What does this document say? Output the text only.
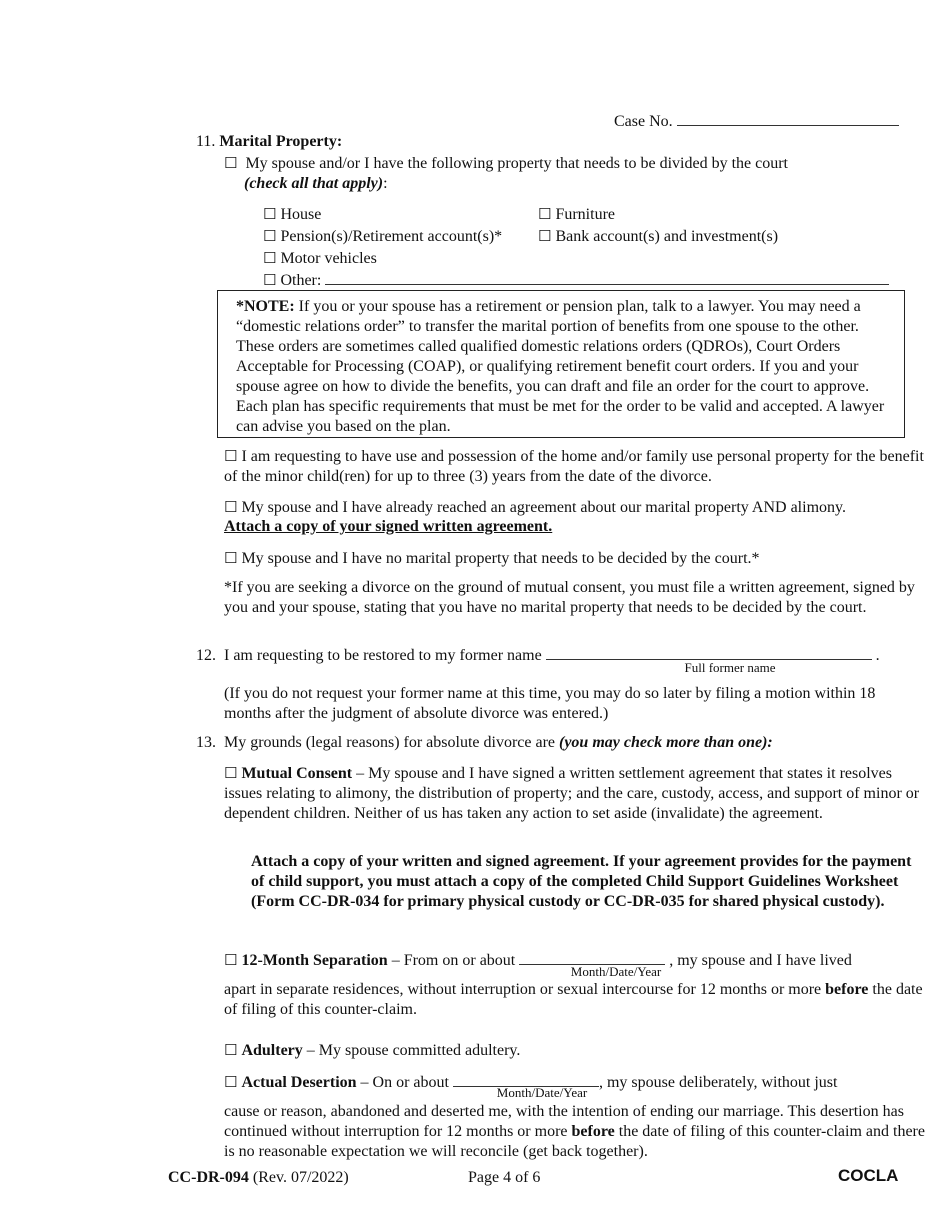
Case No.
11. Marital Property:
☐ My spouse and/or I have the following property that needs to be divided by the court
(check all that apply):
☐ House	☐ Furniture
☐ Pension(s)/Retirement account(s)* ☐ Bank account(s) and investment(s)
☐ Motor vehicles
☐ Other:
*NOTE: If you or your spouse has a retirement or pension plan, talk to a lawyer. You may need a “domestic relations order” to transfer the marital portion of benefits from one spouse to the other. These orders are sometimes called qualified domestic relations orders (QDROs), Court Orders Acceptable for Processing (COAP), or qualifying retirement benefit court orders. If you and your spouse agree on how to divide the benefits, you can draft and file an order for the court to approve. Each plan has specific requirements that must be met for the order to be valid and accepted. A lawyer can advise you based on the plan.
☐ I am requesting to have use and possession of the home and/or family use personal property for the benefit of the minor child(ren) for up to three (3) years from the date of the divorce.
☐ My spouse and I have already reached an agreement about our marital property AND alimony.
Attach a copy of your signed written agreement.
☐ My spouse and I have no marital property that needs to be decided by the court.*
*If you are seeking a divorce on the ground of mutual consent, you must file a written agreement, signed by you and your spouse, stating that you have no marital property that needs to be decided by the court.
12. I am requesting to be restored to my former name	.
Full former name
(If you do not request your former name at this time, you may do so later by filing a motion within 18 months after the judgment of absolute divorce was entered.)
13. My grounds (legal reasons) for absolute divorce are (you may check more than one):
☐ Mutual Consent – My spouse and I have signed a written settlement agreement that states it resolves issues relating to alimony, the distribution of property; and the care, custody, access, and support of minor or dependent children. Neither of us has taken any action to set aside (invalidate) the agreement.
Attach a copy of your written and signed agreement. If your agreement provides for the payment of child support, you must attach a copy of the completed Child Support Guidelines Worksheet (Form CC-DR-034 for primary physical custody or CC-DR-035 for shared physical custody).
☐ 12-Month Separation – From on or about	, my spouse and I have lived
Month/Date/Year
apart in separate residences, without interruption or sexual intercourse for 12 months or more before the date of filing of this counter-claim.
☐ Adultery – My spouse committed adultery.
☐ Actual Desertion – On or about	, my spouse deliberately, without just
Month/Date/Year
cause or reason, abandoned and deserted me, with the intention of ending our marriage. This desertion has continued without interruption for 12 months or more before the date of filing of this counter-claim and there is no reasonable expectation we will reconcile (get back together).
CC-DR-094 (Rev. 07/2022)	Page 4 of 6	COCLA
